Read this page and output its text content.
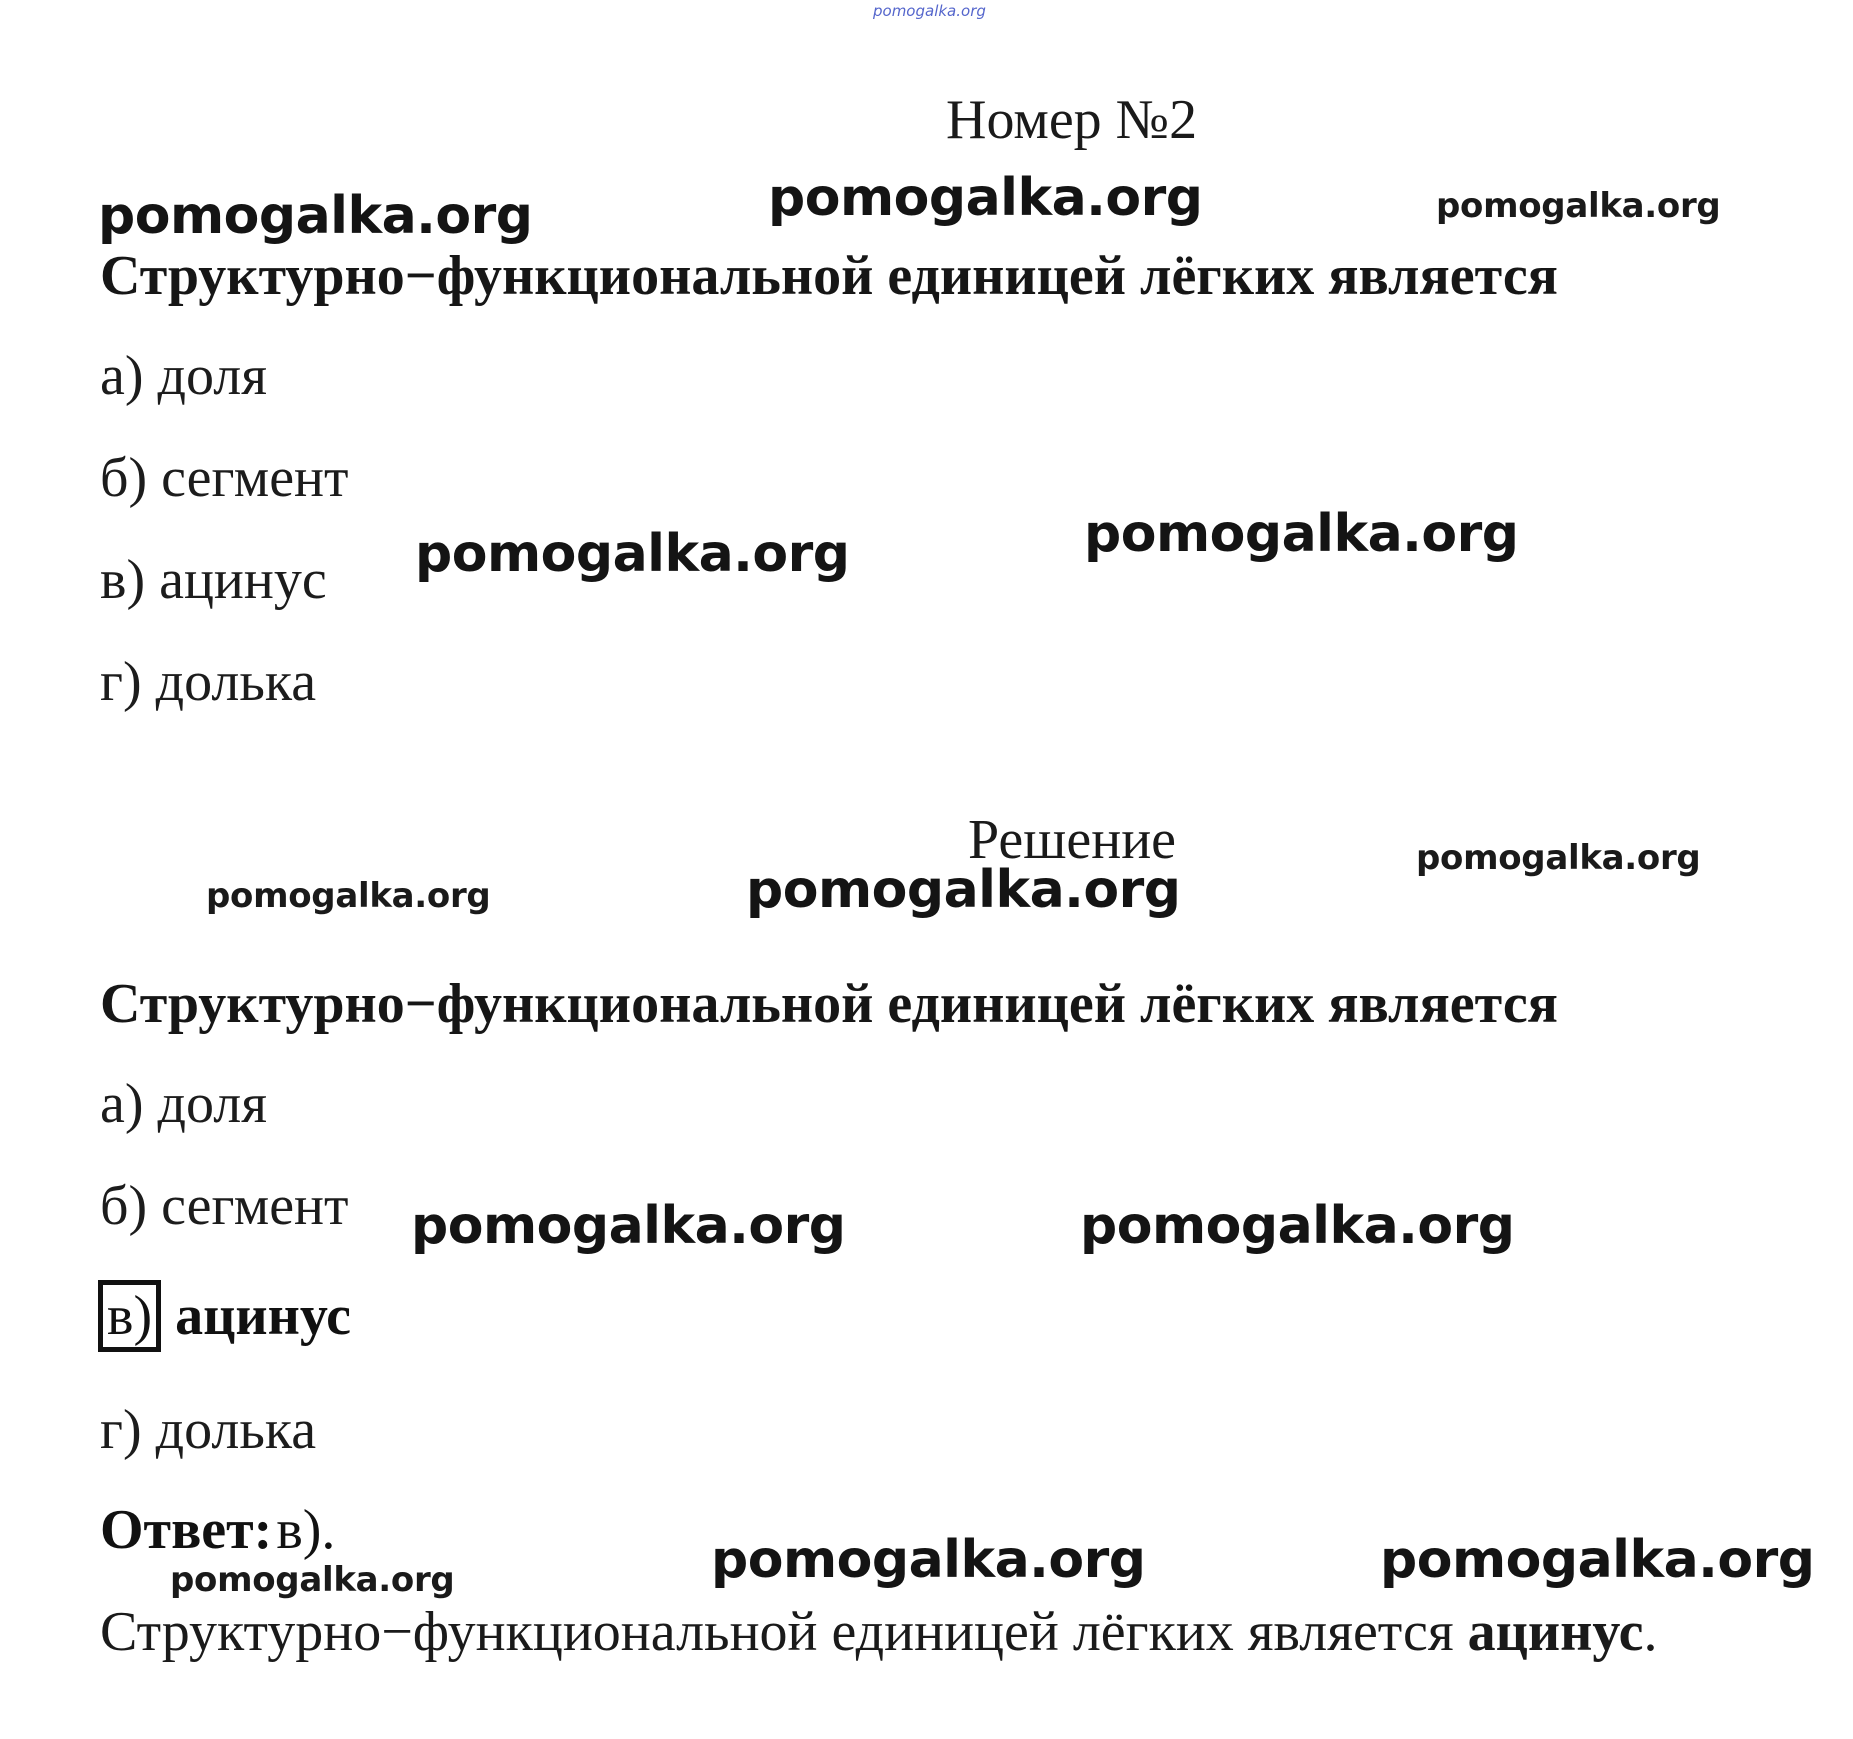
pomogalka.org
Номер №2
pomogalka.org	pomogalka.org	pomogalka.org
Структурно−функциональной единицей лёгких является
а) доля
б) сегмент
в) ацинус
г) долька
pomogalka.org	pomogalka.org
Решение
pomogalka.org	pomogalka.org
pomogalka.org
Структурно−функциональной единицей лёгких является
а) доля
б) сегмент pomogalka.org	pomogalka.org
в) ацинус
г) долька
Ответ: в).
pomogalka.org	pomogalka.org	pomogalka.org
Структурно−функциональной единицей лёгких является ацинус.
